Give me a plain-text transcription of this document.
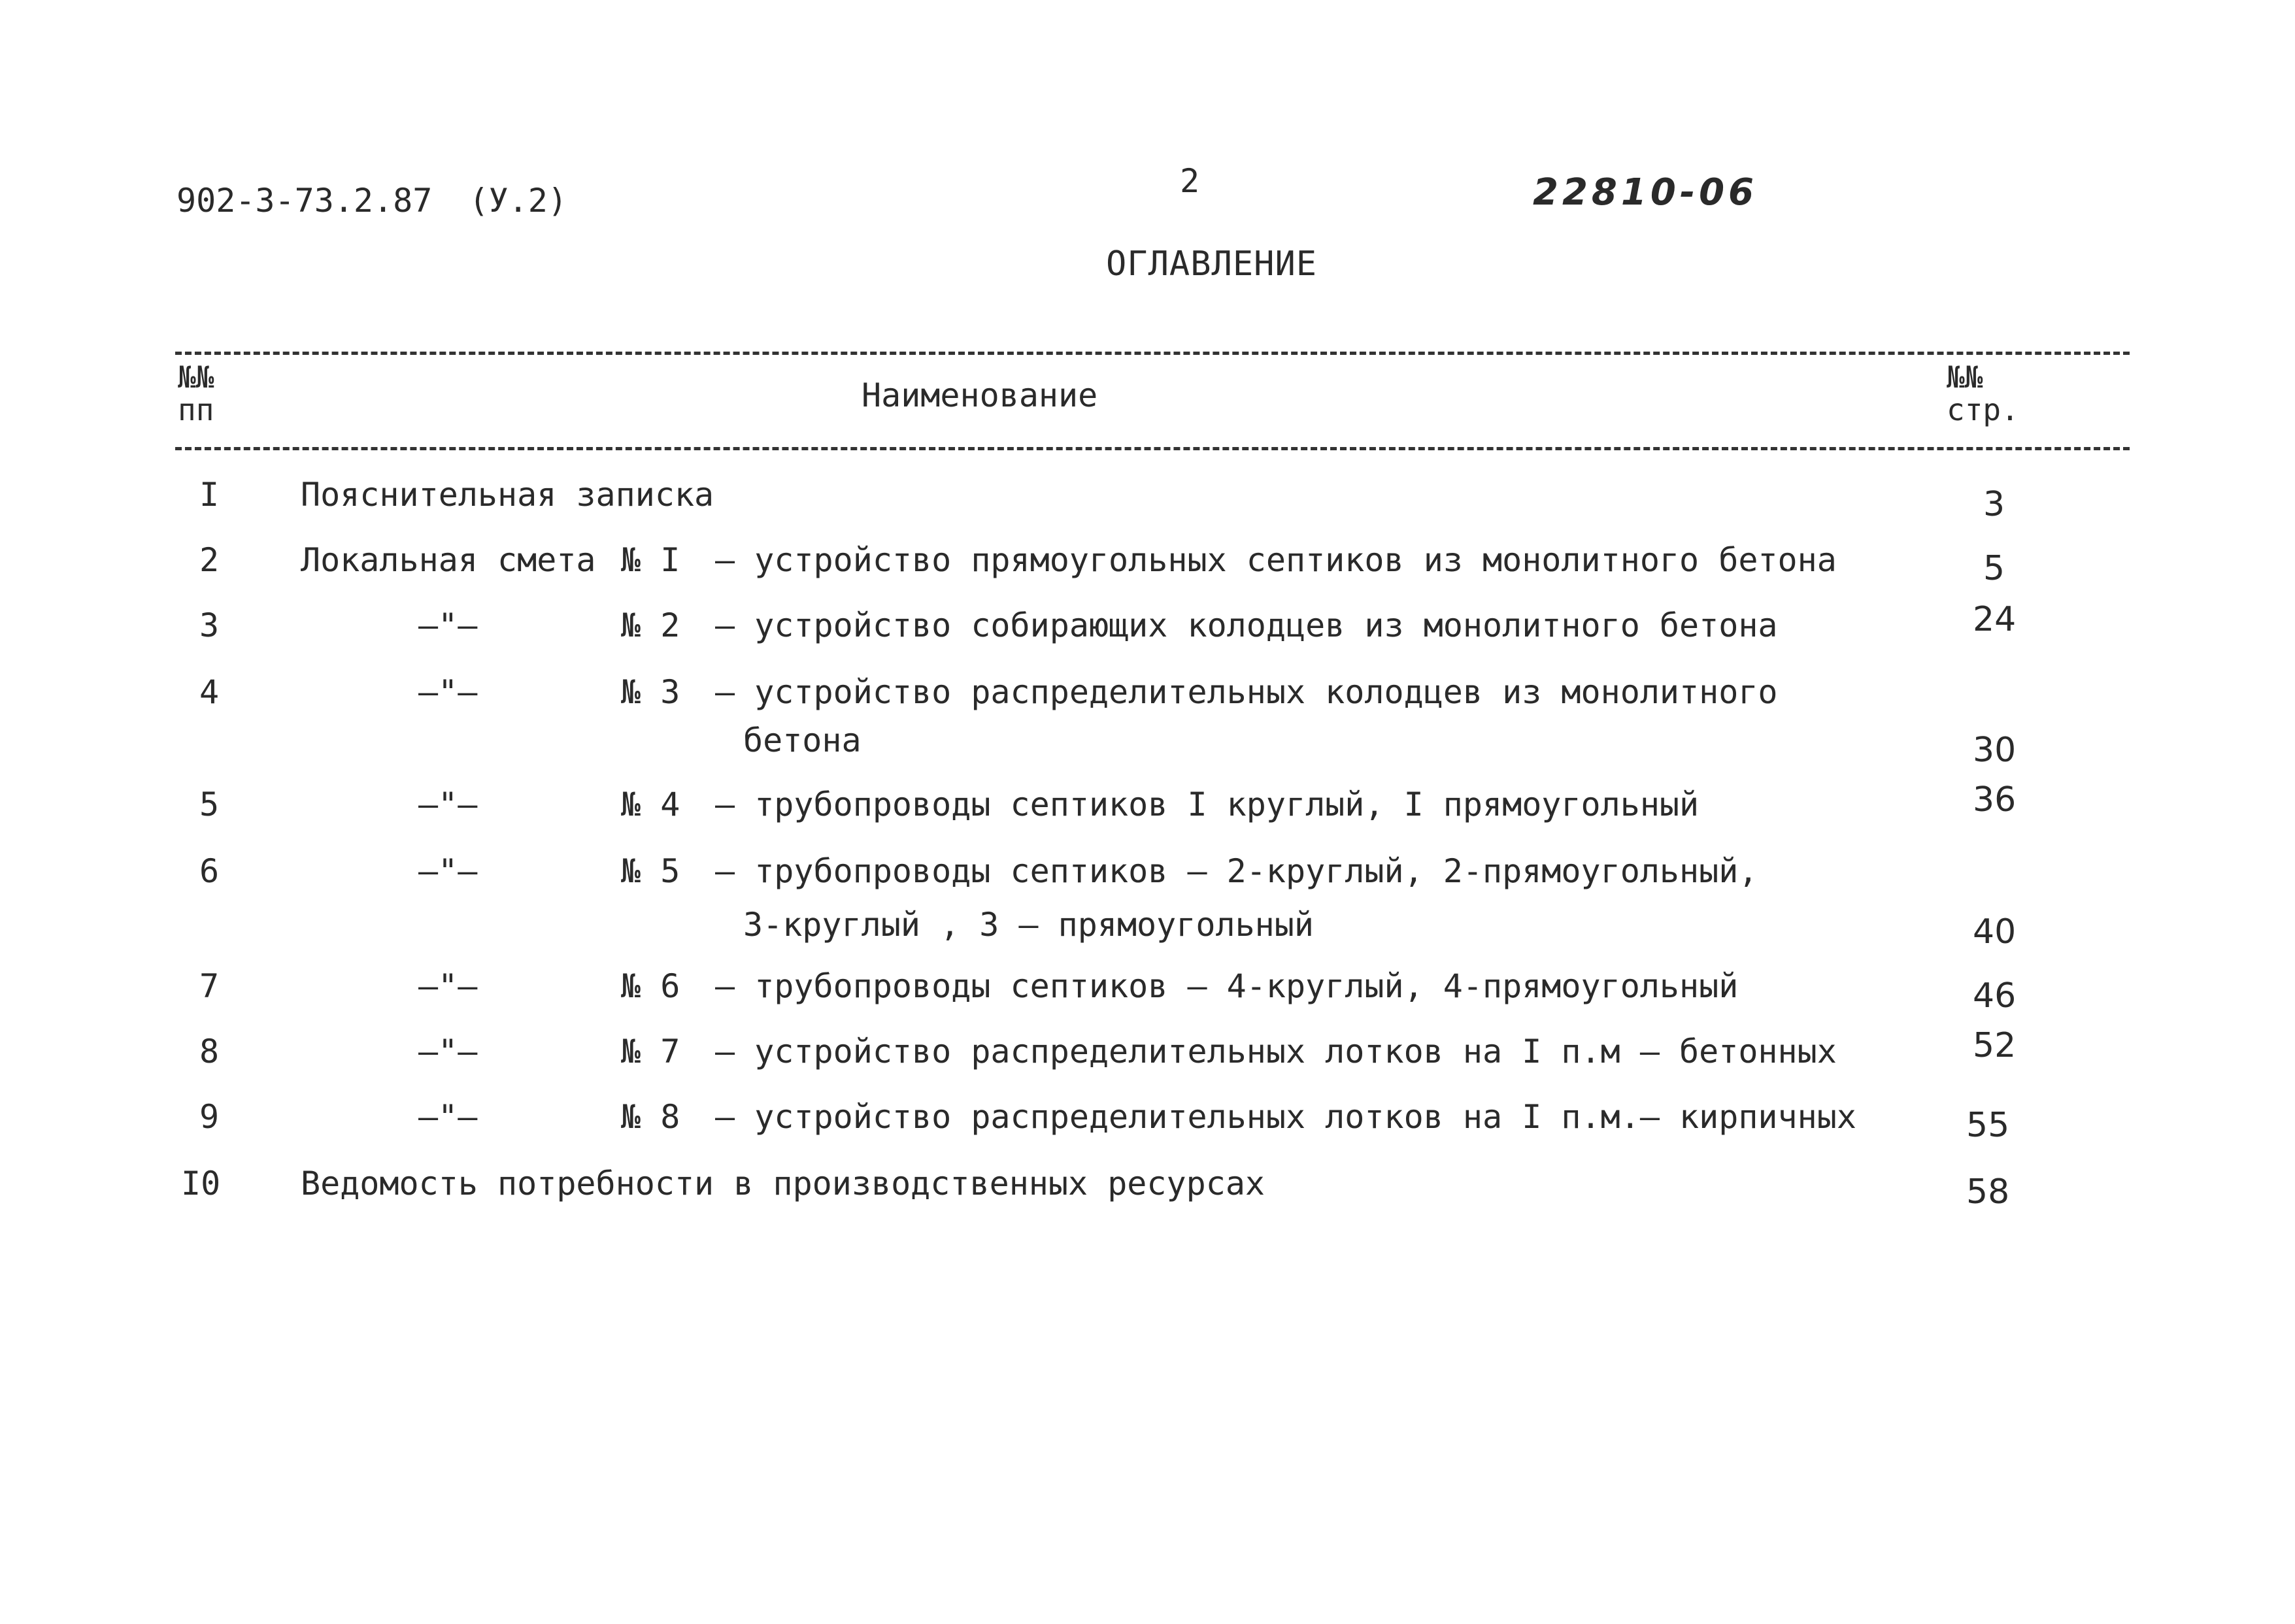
902-3-73.2.87 (У.2)
2	22810-06
ОГЛАВЛЕНИЕ
№№
пп	Наименование	№№
стр.
I Пояснительная записка	3
2 Локальная смета № I – устройство прямоугольных септиков из монолитного бетона	5
3	–"–	№ 2 – устройство собирающих колодцев из монолитного бетона	24
4	–"–	№ 3 – устройство распределительных колодцев из монолитного
бетона	30
5	–"–	№ 4 – трубопроводы септиков I круглый, I прямоугольный	36
6	–"–	№ 5 – трубопроводы септиков – 2-круглый, 2-прямоугольный,
3-круглый , 3 – прямоугольный	40
7	–"–	№ 6 – трубопроводы септиков – 4-круглый, 4-прямоугольный	46
8	–"–	№ 7 – устройство распределительных лотков на I п.м – бетонных	52
9	–"–	№ 8 – устройство распределительных лотков на I п.м.– кирпичных	55
I0 Ведомость потребности в производственных ресурсах	58
